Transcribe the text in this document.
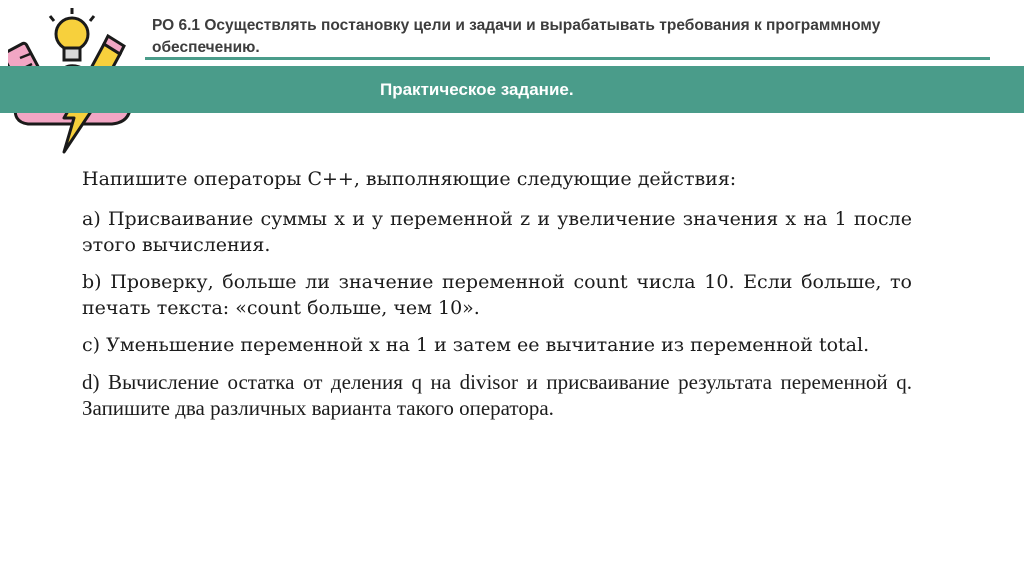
РО 6.1 Осуществлять постановку цели и задачи и вырабатывать требования к программному обеспечению.
Практическое задание.

Напишите операторы C++, выполняющие следующие действия:

a) Присваивание суммы x и y переменной z и увеличение значения x на 1 после этого вычисления.

b) Проверку, больше ли значение переменной count числа 10. Если больше, то печать текста: «count больше, чем 10».

c) Уменьшение переменной x на 1 и затем ее вычитание из переменной total.

d) Вычисление остатка от деления q на divisor и присваивание результата переменной q. Запишите два различных варианта такого оператора.
